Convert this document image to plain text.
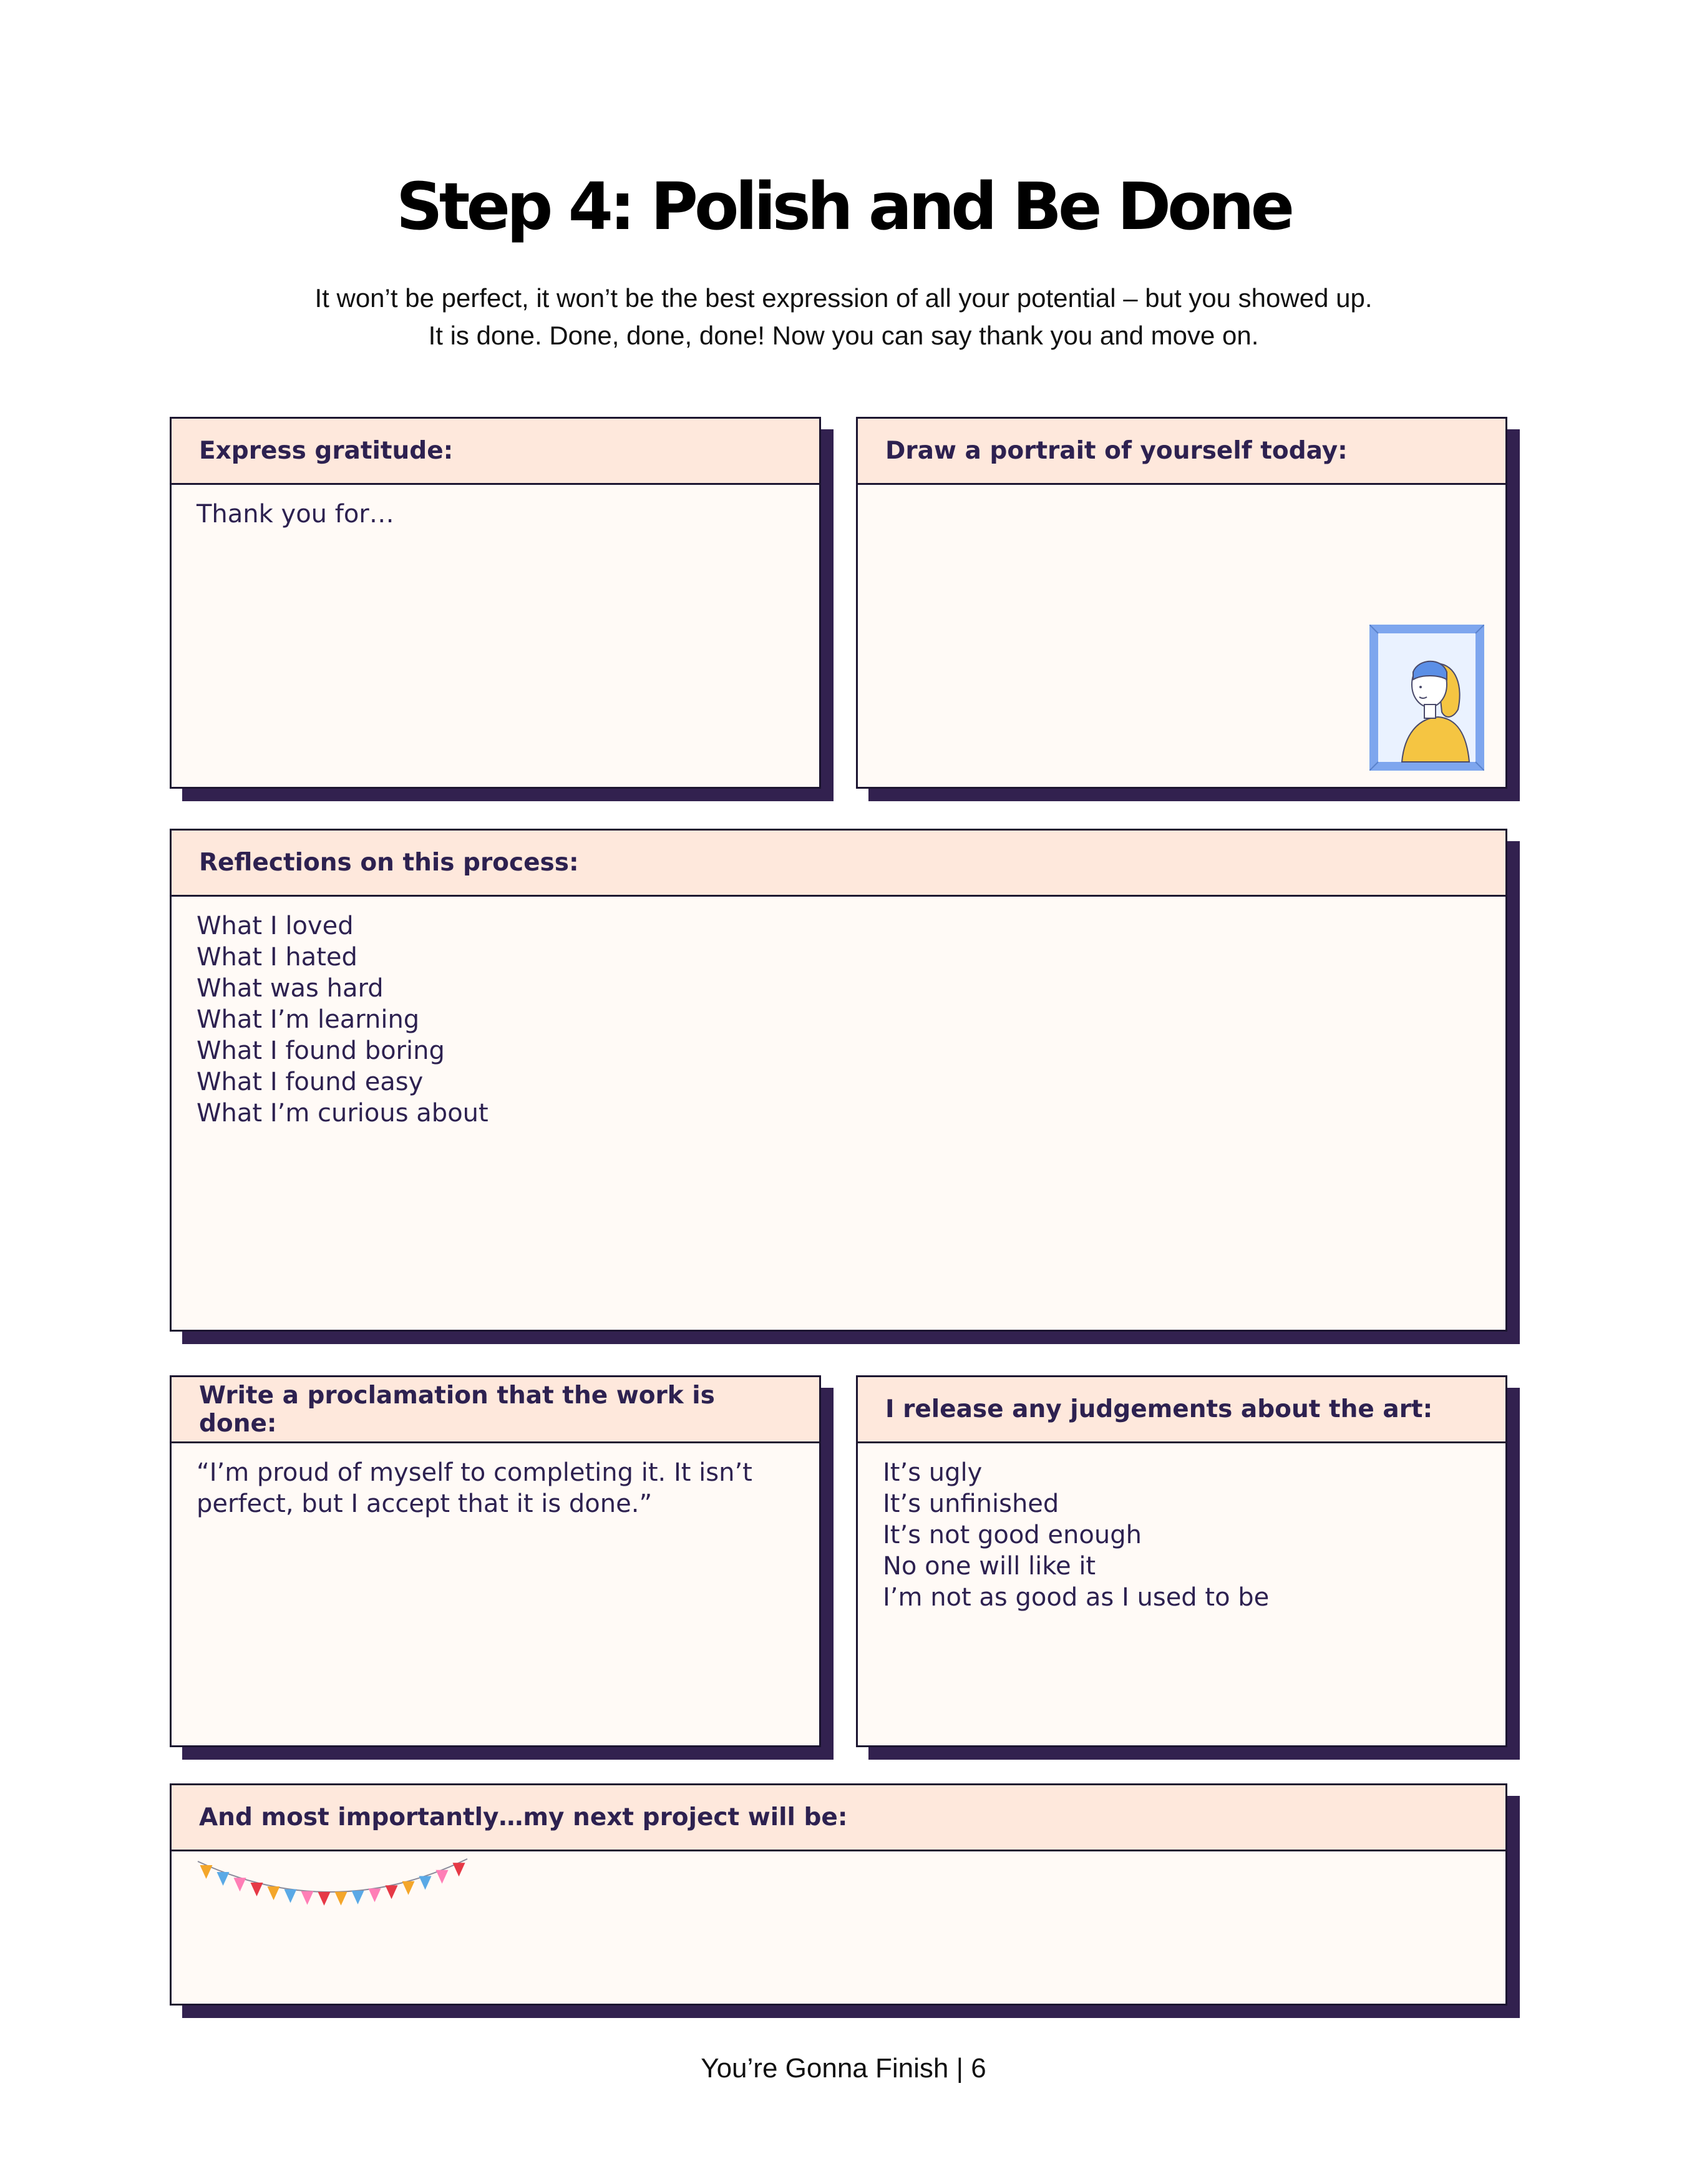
Step 4: Polish and Be Done
It won’t be perfect, it won’t be the best expression of all your potential – but you showed up.
It is done. Done, done, done! Now you can say thank you and move on.
Express gratitude:
Thank you for…
Draw a portrait of yourself today:
Reflections on this process:
What I loved
What I hated
What was hard
What I’m learning
What I found boring
What I found easy
What I’m curious about
Write a proclamation that the work is done:
“I’m proud of myself to completing it. It isn’t
perfect, but I accept that it is done.”
I release any judgements about the art:
It’s ugly
It’s unfinished
It’s not good enough
No one will like it
I’m not as good as I used to be
And most importantly…my next project will be:
You’re Gonna Finish | 6
